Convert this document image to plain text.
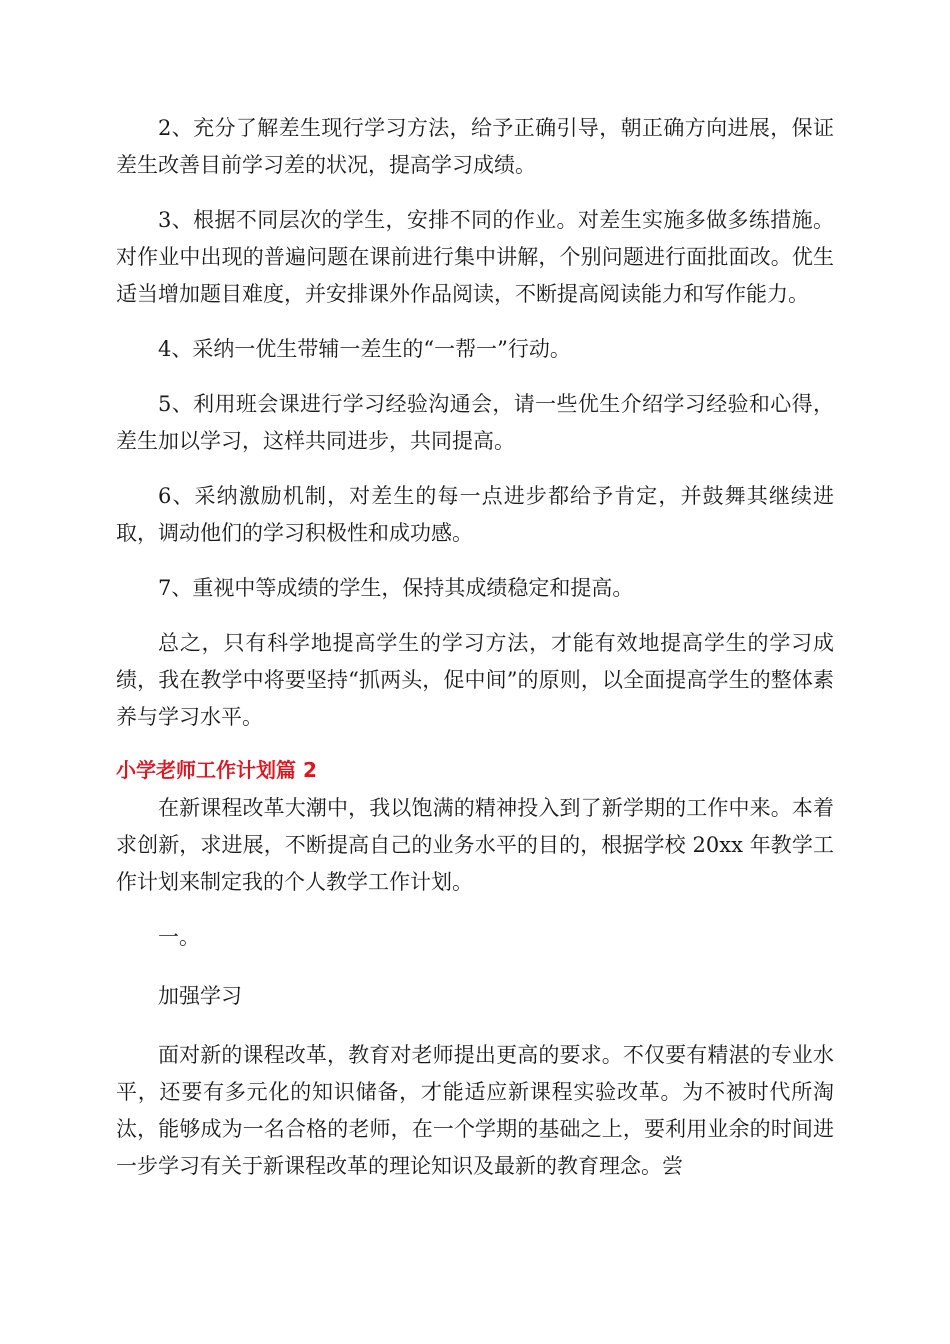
2、充分了解差生现行学习方法，给予正确引导，朝正确方向进展，保证差生改善目前学习差的状况，提高学习成绩。

3、根据不同层次的学生，安排不同的作业。对差生实施多做多练措施。对作业中出现的普遍问题在课前进行集中讲解，个别问题进行面批面改。优生适当增加题目难度，并安排课外作品阅读，不断提高阅读能力和写作能力。

4、采纳一优生带辅一差生的“一帮一”行动。

5、利用班会课进行学习经验沟通会，请一些优生介绍学习经验和心得，差生加以学习，这样共同进步，共同提高。

6、采纳激励机制，对差生的每一点进步都给予肯定，并鼓舞其继续进取，调动他们的学习积极性和成功感。

7、重视中等成绩的学生，保持其成绩稳定和提高。

总之，只有科学地提高学生的学习方法，才能有效地提高学生的学习成绩，我在教学中将要坚持“抓两头，促中间”的原则，以全面提高学生的整体素养与学习水平。

小学老师工作计划篇 2

在新课程改革大潮中，我以饱满的精神投入到了新学期的工作中来。本着求创新，求进展，不断提高自己的业务水平的目的，根据学校 20xx 年教学工作计划来制定我的个人教学工作计划。

一。

加强学习

面对新的课程改革，教育对老师提出更高的要求。不仅要有精湛的专业水平，还要有多元化的知识储备，才能适应新课程实验改革。为不被时代所淘汰，能够成为一名合格的老师，在一个学期的基础之上，要利用业余的时间进一步学习有关于新课程改革的理论知识及最新的教育理念。尝
